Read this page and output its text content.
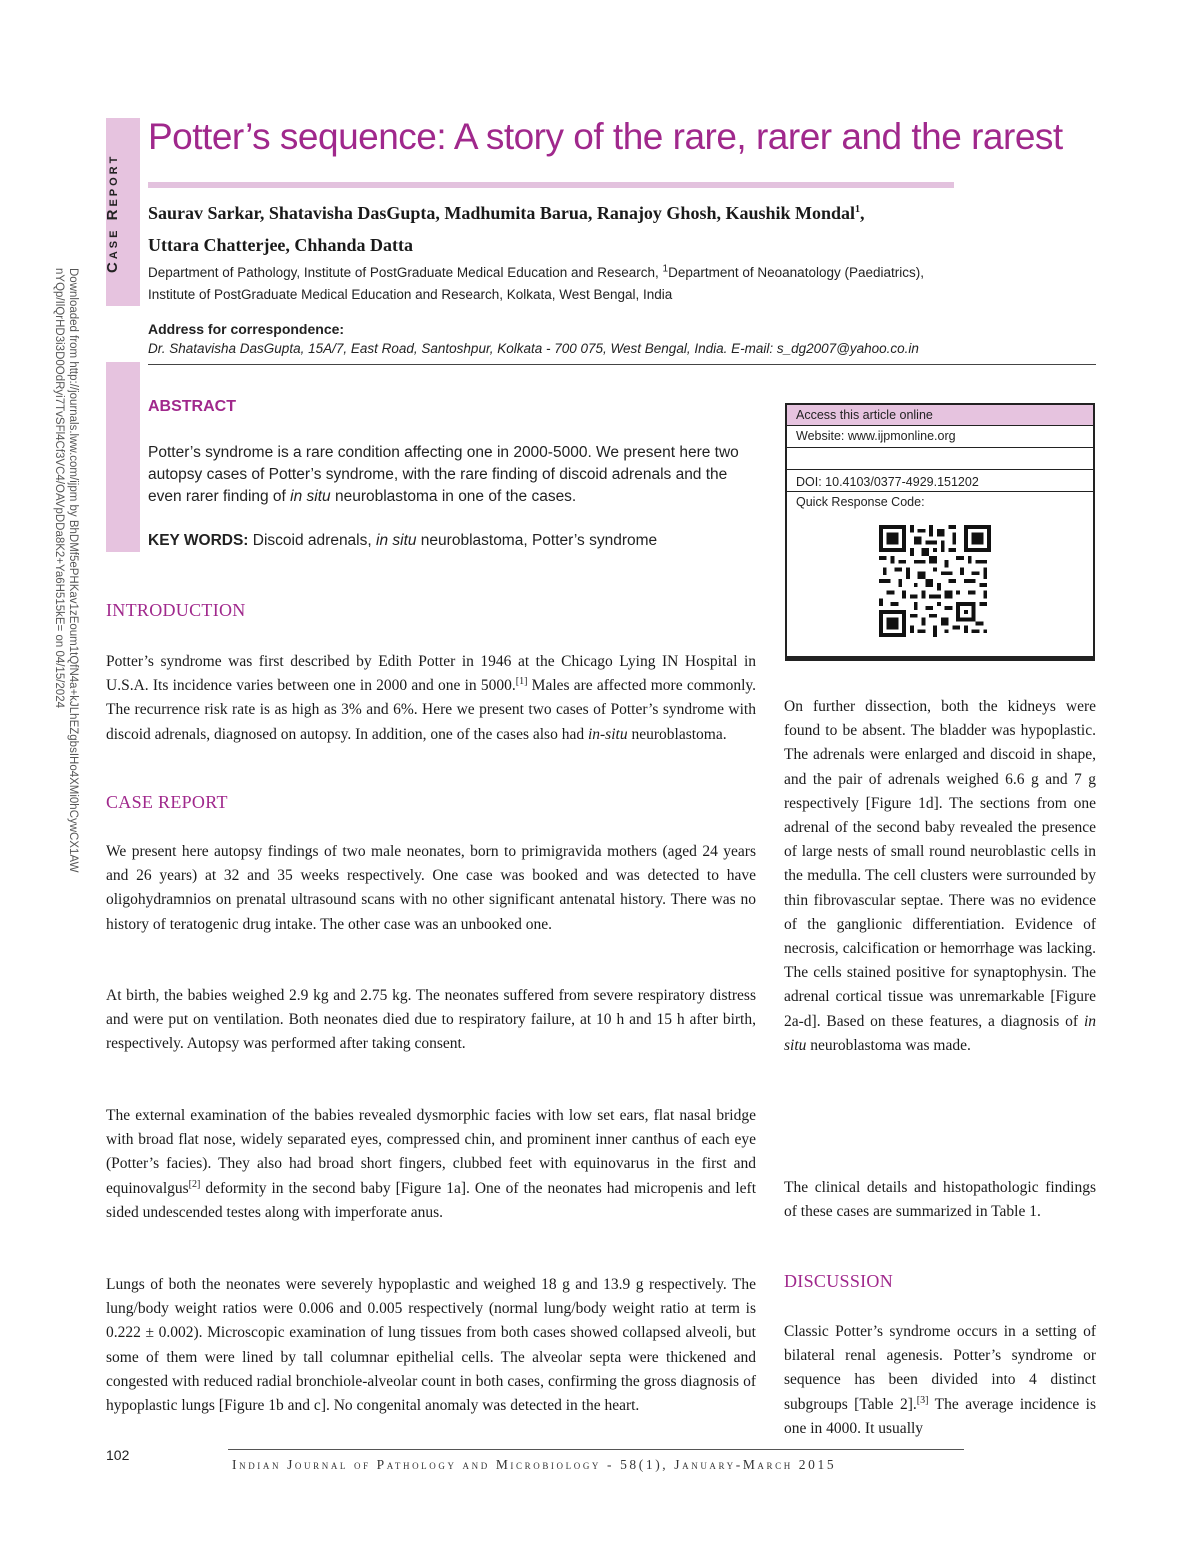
Downloaded from http://journals.lww.com/ijpm by BhDMf5ePHKav1zEoum1tQfN4a+kJLhEZgbsIHo4XMi0hCywCX1AW
nYQp/IlQrHD3i3D0OdRyi7TvSFl4Cf3VC4/OAVpDDa8K2+Ya6H515kE= on 04/15/2024
Case Report
Potter’s sequence: A story of the rare, rarer and the rarest
Saurav Sarkar, Shatavisha DasGupta, Madhumita Barua, Ranajoy Ghosh, Kaushik Mondal$^1$,
Uttara Chatterjee, Chhanda Datta
Department of Pathology, Institute of PostGraduate Medical Education and Research, $^1$Department of Neoanatology (Paediatrics),
Institute of PostGraduate Medical Education and Research, Kolkata, West Bengal, India
Address for correspondence:
Dr. Shatavisha DasGupta, 15A/7, East Road, Santoshpur, Kolkata - 700 075, West Bengal, India. E-mail: s_dg2007@yahoo.co.in
ABSTRACT
Potter’s syndrome is a rare condition affecting one in 2000-5000. We present here two autopsy cases of Potter’s syndrome, with the rare finding of discoid adrenals and the even rarer finding of in situ neuroblastoma in one of the cases.
KEY WORDS: Discoid adrenals, in situ neuroblastoma, Potter’s syndrome
Access this article online
Website: www.ijpmonline.org
DOI: 10.4103/0377-4929.151202
Quick Response Code:
INTRODUCTION
Potter’s syndrome was first described by Edith Potter in 1946 at the Chicago Lying IN Hospital in U.S.A. Its incidence varies between one in 2000 and one in 5000.[1] Males are affected more commonly. The recurrence risk rate is as high as 3% and 6%. Here we present two cases of Potter’s syndrome with discoid adrenals, diagnosed on autopsy. In addition, one of the cases also had in-situ neuroblastoma.
CASE REPORT
We present here autopsy findings of two male neonates, born to primigravida mothers (aged 24 years and 26 years) at 32 and 35 weeks respectively. One case was booked and was detected to have oligohydramnios on prenatal ultrasound scans with no other significant antenatal history. There was no history of teratogenic drug intake. The other case was an unbooked one.
At birth, the babies weighed 2.9 kg and 2.75 kg. The neonates suffered from severe respiratory distress and were put on ventilation. Both neonates died due to respiratory failure, at 10 h and 15 h after birth, respectively. Autopsy was performed after taking consent.
The external examination of the babies revealed dysmorphic facies with low set ears, flat nasal bridge with broad flat nose, widely separated eyes, compressed chin, and prominent inner canthus of each eye (Potter’s facies). They also had broad short fingers, clubbed feet with equinovarus in the first and equinovalgus[2] deformity in the second baby [Figure 1a]. One of the neonates had micropenis and left sided undescended testes along with imperforate anus.
Lungs of both the neonates were severely hypoplastic and weighed 18 g and 13.9 g respectively. The lung/body weight ratios were 0.006 and 0.005 respectively (normal lung/body weight ratio at term is 0.222 ± 0.002). Microscopic examination of lung tissues from both cases showed collapsed alveoli, but some of them were lined by tall columnar epithelial cells. The alveolar septa were thickened and congested with reduced radial bronchiole-alveolar count in both cases, confirming the gross diagnosis of hypoplastic lungs [Figure 1b and c]. No congenital anomaly was detected in the heart.
On further dissection, both the kidneys were found to be absent. The bladder was hypoplastic. The adrenals were enlarged and discoid in shape, and the pair of adrenals weighed 6.6 g and 7 g respectively [Figure 1d]. The sections from one adrenal of the second baby revealed the presence of large nests of small round neuroblastic cells in the medulla. The cell clusters were surrounded by thin fibrovascular septae. There was no evidence of the ganglionic differentiation. Evidence of necrosis, calcification or hemorrhage was lacking. The cells stained positive for synaptophysin. The adrenal cortical tissue was unremarkable [Figure 2a-d]. Based on these features, a diagnosis of in situ neuroblastoma was made.
The clinical details and histopathologic findings of these cases are summarized in Table 1.
DISCUSSION
Classic Potter’s syndrome occurs in a setting of bilateral renal agenesis. Potter’s syndrome or sequence has been divided into 4 distinct subgroups [Table 2].[3] The average incidence is one in 4000. It usually
102
Indian Journal of Pathology and Microbiology - 58(1), January-March 2015
